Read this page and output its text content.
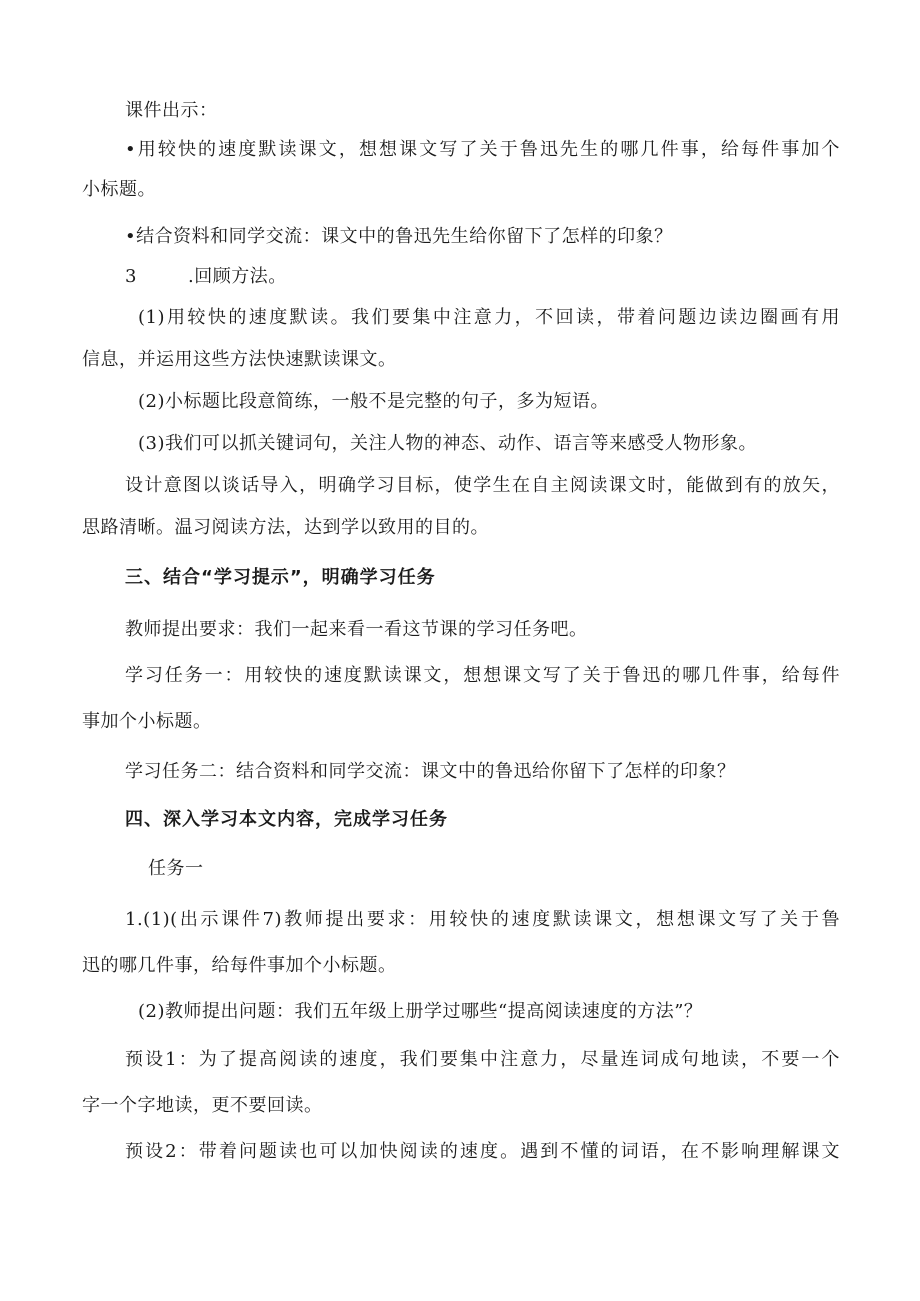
课件出示：
•用较快的速度默读课文，想想课文写了关于鲁迅先生的哪几件事，给每件事加个
小标题。
•结合资料和同学交流：课文中的鲁迅先生给你留下了怎样的印象？
3	.回顾方法。
(1)用较快的速度默读。我们要集中注意力，不回读，带着问题边读边圈画有用
信息，并运用这些方法快速默读课文。
(2)小标题比段意简练，一般不是完整的句子，多为短语。
(3)我们可以抓关键词句，关注人物的神态、动作、语言等来感受人物形象。
设计意图以谈话导入，明确学习目标，使学生在自主阅读课文时，能做到有的放矢，
思路清晰。温习阅读方法，达到学以致用的目的。
三、结合“学习提示”，明确学习任务
教师提出要求：我们一起来看一看这节课的学习任务吧。
学习任务一：用较快的速度默读课文，想想课文写了关于鲁迅的哪几件事，给每件
事加个小标题。
学习任务二：结合资料和同学交流：课文中的鲁迅给你留下了怎样的印象？
四、深入学习本文内容，完成学习任务
任务一
1.(1)(出示课件7)教师提出要求：用较快的速度默读课文，想想课文写了关于鲁
迅的哪几件事，给每件事加个小标题。
(2)教师提出问题：我们五年级上册学过哪些“提高阅读速度的方法”？
预设1：为了提高阅读的速度，我们要集中注意力，尽量连词成句地读，不要一个
字一个字地读，更不要回读。
预设2：带着问题读也可以加快阅读的速度。遇到不懂的词语，在不影响理解课文
